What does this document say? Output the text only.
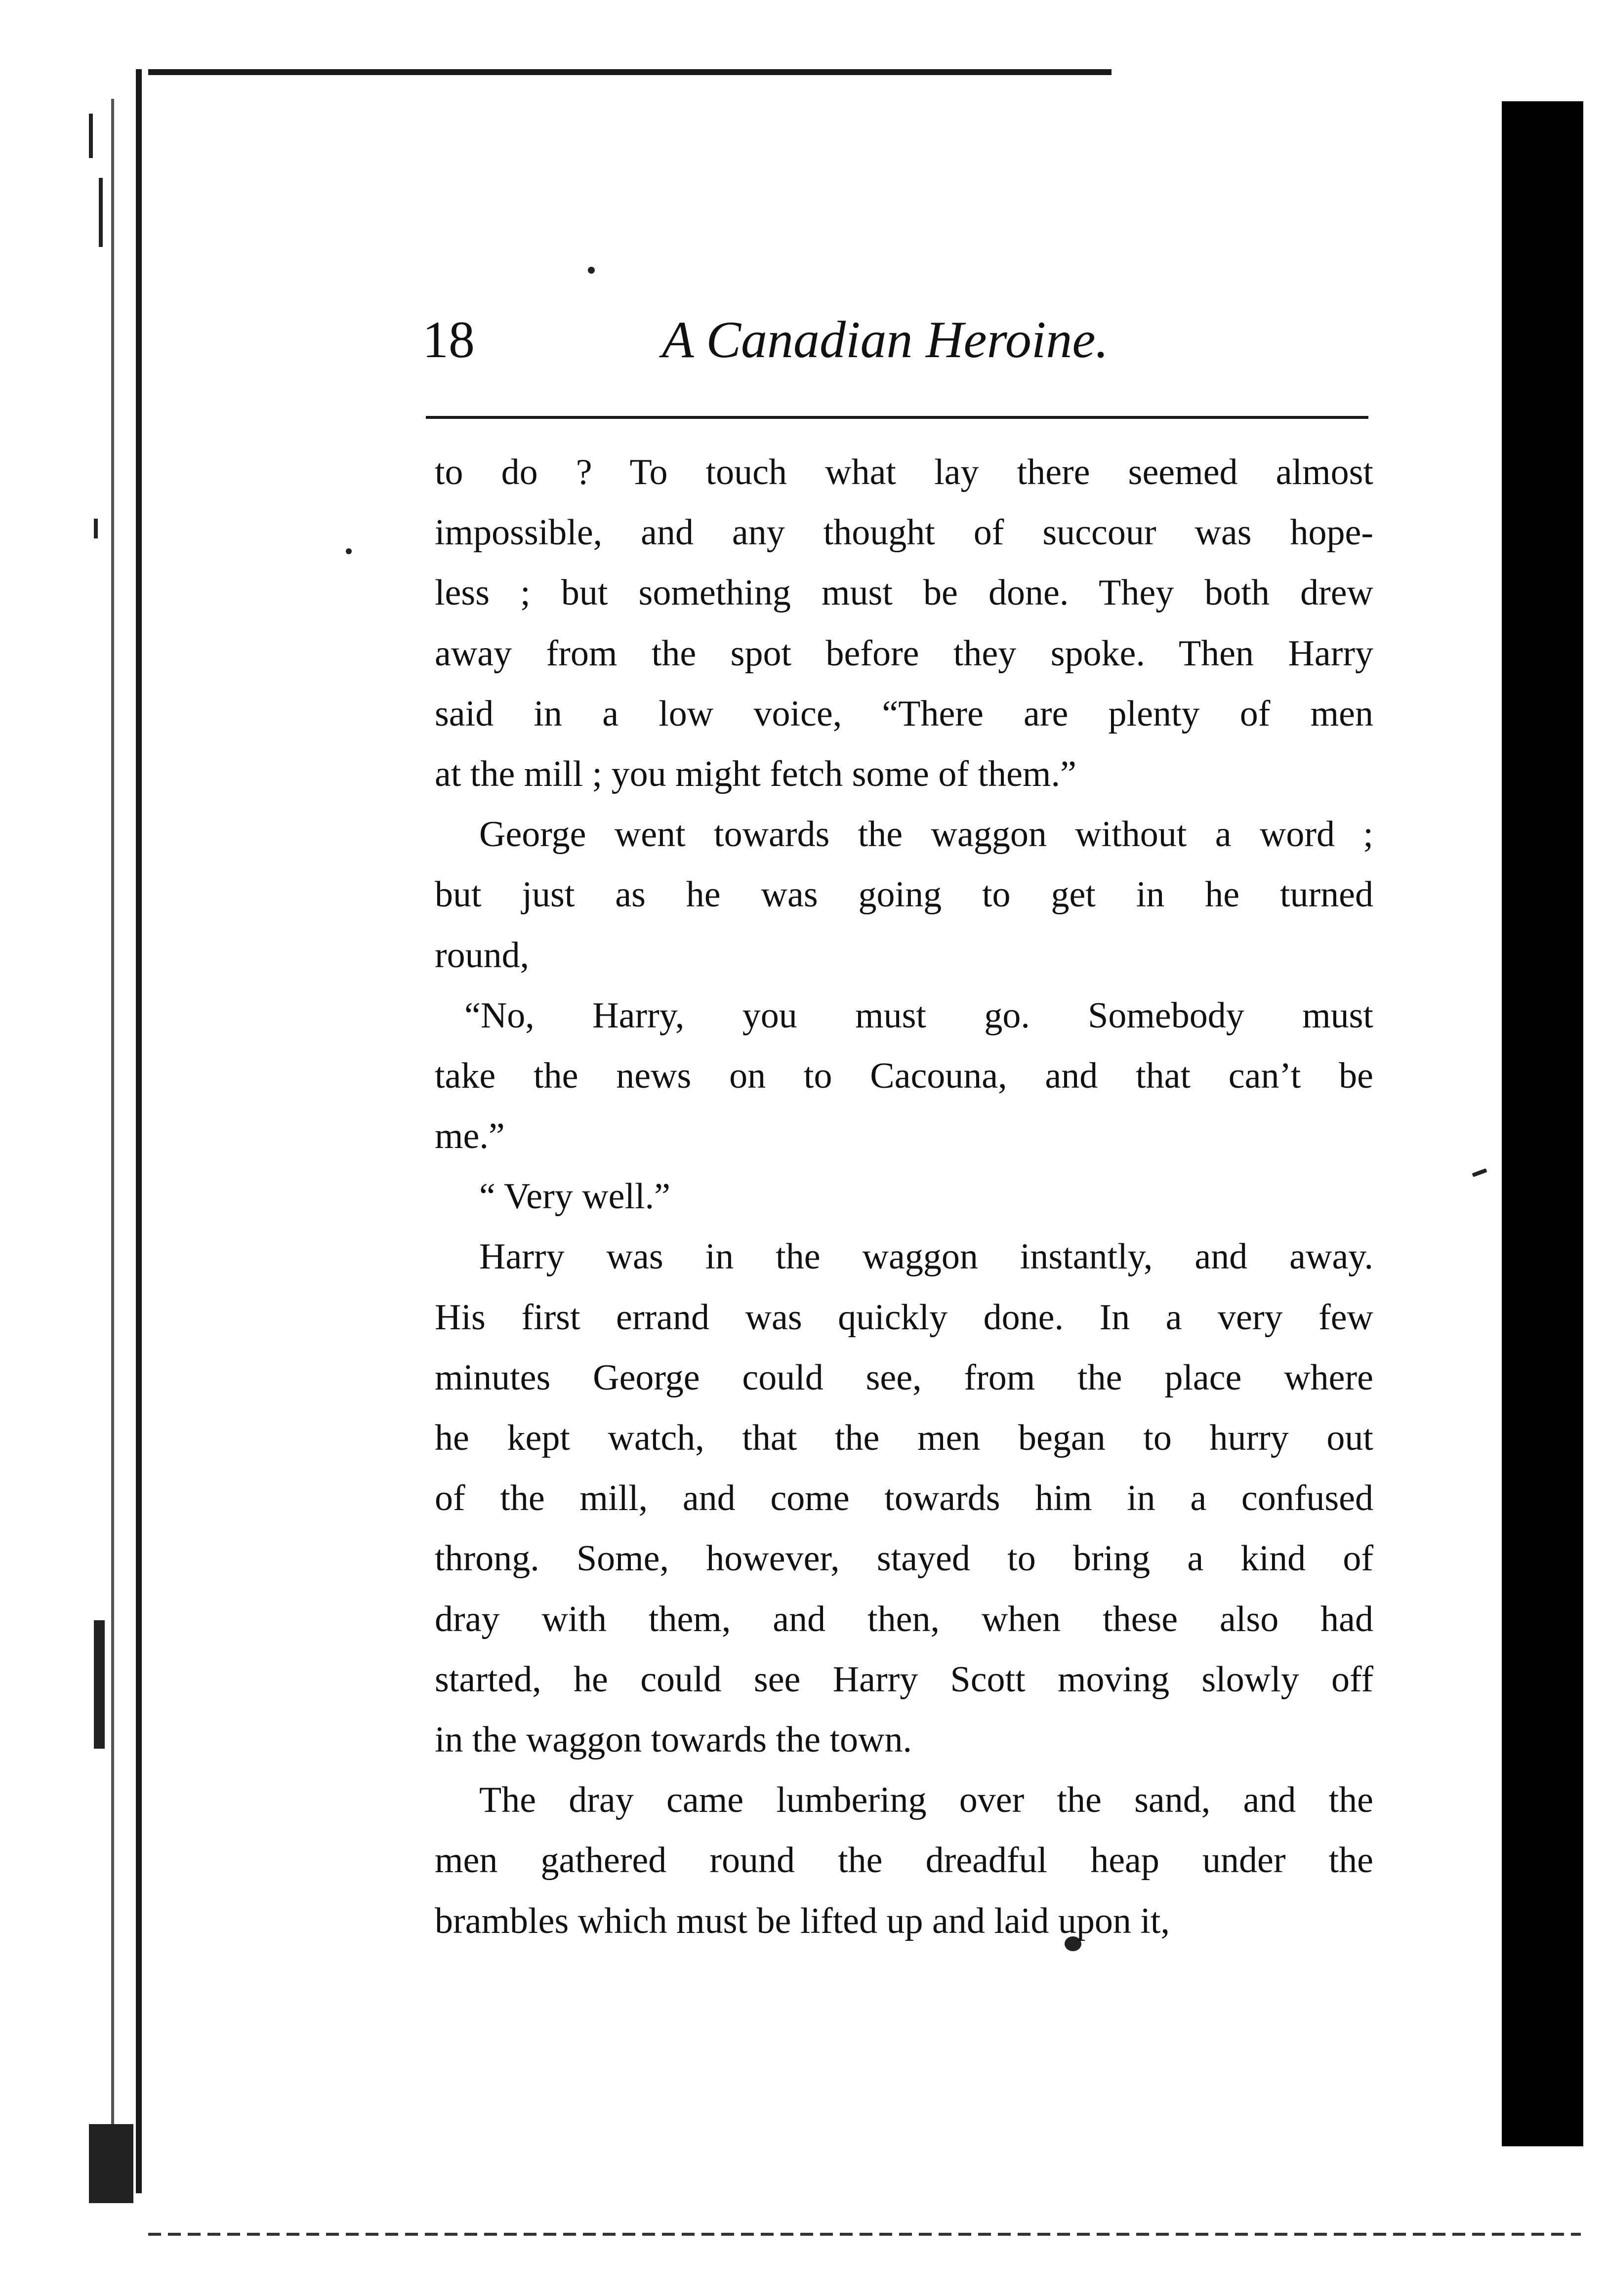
18	A Canadian Heroine.
to do ? To touch what lay there seemed almost
impossible, and any thought of succour was hope-
less ; but something must be done. They both drew
away from the spot before they spoke. Then Harry
said in a low voice, “There are plenty of men
at the mill ; you might fetch some of them.”
George went towards the waggon without a word ;
but just as he was going to get in he turned
round,
“No, Harry, you must go. Somebody must
take the news on to Cacouna, and that can’t be
me.”
“ Very well.”
Harry was in the waggon instantly, and away.
His first errand was quickly done. In a very few
minutes George could see, from the place where
he kept watch, that the men began to hurry out
of the mill, and come towards him in a confused
throng. Some, however, stayed to bring a kind of
dray with them, and then, when these also had
started, he could see Harry Scott moving slowly off
in the waggon towards the town.
The dray came lumbering over the sand, and the
men gathered round the dreadful heap under the
brambles which must be lifted up and laid upon it,
